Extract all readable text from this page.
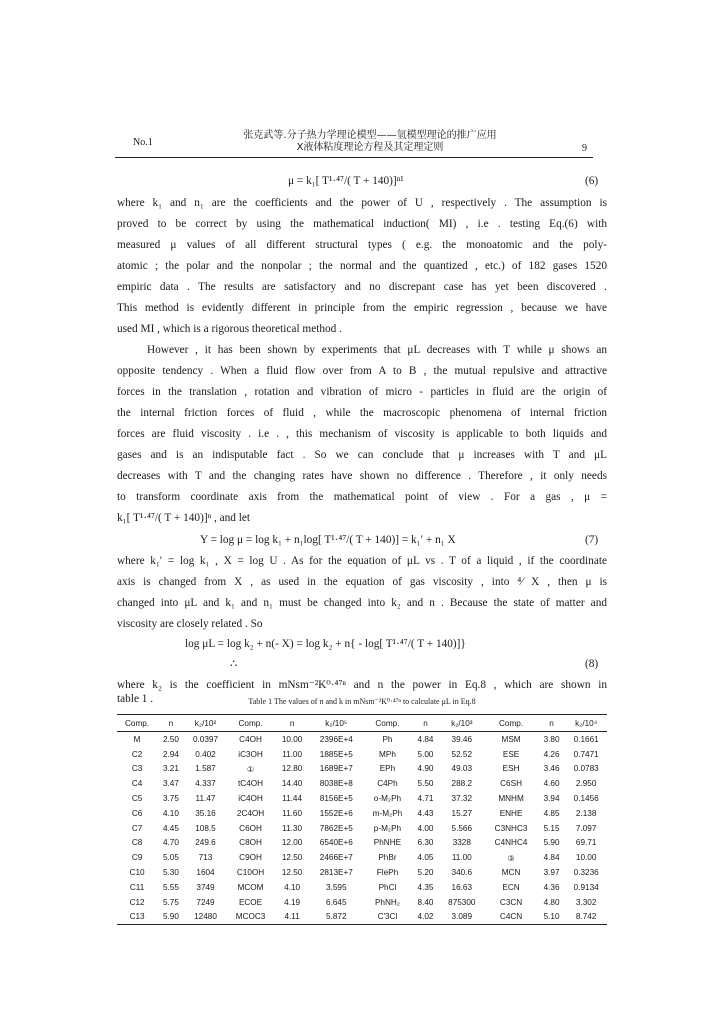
No.1
张克武等.分子热力学理论模型——氫模型理论的推广应用
Ⅹ液体粘度理论方程及其定理定则	9
μ = k₁[ T¹·⁴⁷/( T + 140)]ⁿ¹	(6)
where k₁ and n₁ are the coefficients and the power of U , respectively . The assumption is
proved to be correct by using the mathematical induction( MI) , i.e . testing Eq.(6) with
measured μ values of all different structural types ( e.g. the monoatomic and the poly-
atomic ; the polar and the nonpolar ; the normal and the quantized , etc.) of 182 gases 1520
empiric data . The results are satisfactory and no discrepant case has yet been discovered .
This method is evidently different in principle from the empiric regression , because we have
used MI , which is a rigorous theoretical method .
However , it has been shown by experiments that μL decreases with T while μ shows an
opposite tendency . When a fluid flow over from A to B , the mutual repulsive and attractive
forces in the translation , rotation and vibration of micro - particles in fluid are the origin of
the internal friction forces of fluid , while the macroscopic phenomena of internal friction
forces are fluid viscosity . i.e . , this mechanism of viscosity is applicable to both liquids and
gases and is an indisputable fact . So we can conclude that μ increases with T and μL
decreases with T and the changing rates have shown no difference . Therefore , it only needs
to transform coordinate axis from the mathematical point of view . For a gas , μ =
k₁[ T¹·⁴⁷/( T + 140)]ⁿ , and let
Y = log μ = log k₁ + n₁log[ T¹·⁴⁷/( T + 140)] = k₁′ + n₁ X	(7)
where k₁′ = log k₁ , X = log U . As for the equation of μL vs . T of a liquid , if the coordinate
axis is changed from X , as used in the equation of gas viscosity , into ⁴⁄ X , then μ is
changed into μL and k₁ and n₁ must be changed into k₂ and n . Because the state of matter and
viscosity are closely related . So
log μL = log k₂ + n(- X) = log k₂ + n{ - log[ T¹·⁴⁷/( T + 140)]}
∴	(8)
where k₂ is the coefficient in mNsm⁻²K⁰·⁴⁷ⁿ and n the power in Eq.8 , which are shown in
table 1 .	Table 1 The values of n and k in mNsm⁻²K⁰·⁴⁷ⁿ to calculate μL in Eq.8
Comp.	n	k₂/10²	Comp.	n	k₂/10⁵	Comp.	n	k₂/10³	Comp.	n	k₂/10⁴
M	2.50	0.0397	C4OH	10.00	2396E+4	Ph	4.84	39.46	MSM	3.80	0.1661
C2	2.94	0.402	iC3OH	11.00	1885E+5	MPh	5.00	52.52	ESE	4.26	0.7471
C3	3.21	1.587	①	12.80	1689E+7	EPh	4.90	49.03	ESH	3.46	0.0783
C4	3.47	4.337	tC4OH	14.40	8038E+8	C4Ph	5.50	288.2	C6SH	4.60	2.950
C5	3.75	11.47	iC4OH	11.44	8156E+5	o-M₂Ph	4.71	37.32	MNHM	3.94	0.1456
C6	4.10	35.16	2C4OH	11.60	1552E+6	m-M₂Ph	4.43	15.27	ENHE	4.85	2.138
C7	4.45	108.5	C6OH	11.30	7862E+5	p-M₂Ph	4.00	5.566	C3NHC3	5.15	7.097
C8	4.70	249.6	C8OH	12.00	6540E+6	PhNHE	6.30	3328	C4NHC4	5.90	69.71
C9	5.05	713	C9OH	12.50	2466E+7	PhBr	4.05	11.00	③	4.84	10.00
C10	5.30	1604	C10OH	12.50	2813E+7	FlePh	5.20	340.6	MCN	3.97	0.3236
C11	5.55	3749	MCOM	4.10	3.595	PhCl	4.35	16.63	ECN	4.36	0.9134
C12	5.75	7249	ECOE	4.19	6.645	PhNH₂	8.40	875300	C3CN	4.80	3.302
C13	5.90	12480	MCOC3	4.11	5.872	C′3Cl	4.02	3.089	C4CN	5.10	8.742
